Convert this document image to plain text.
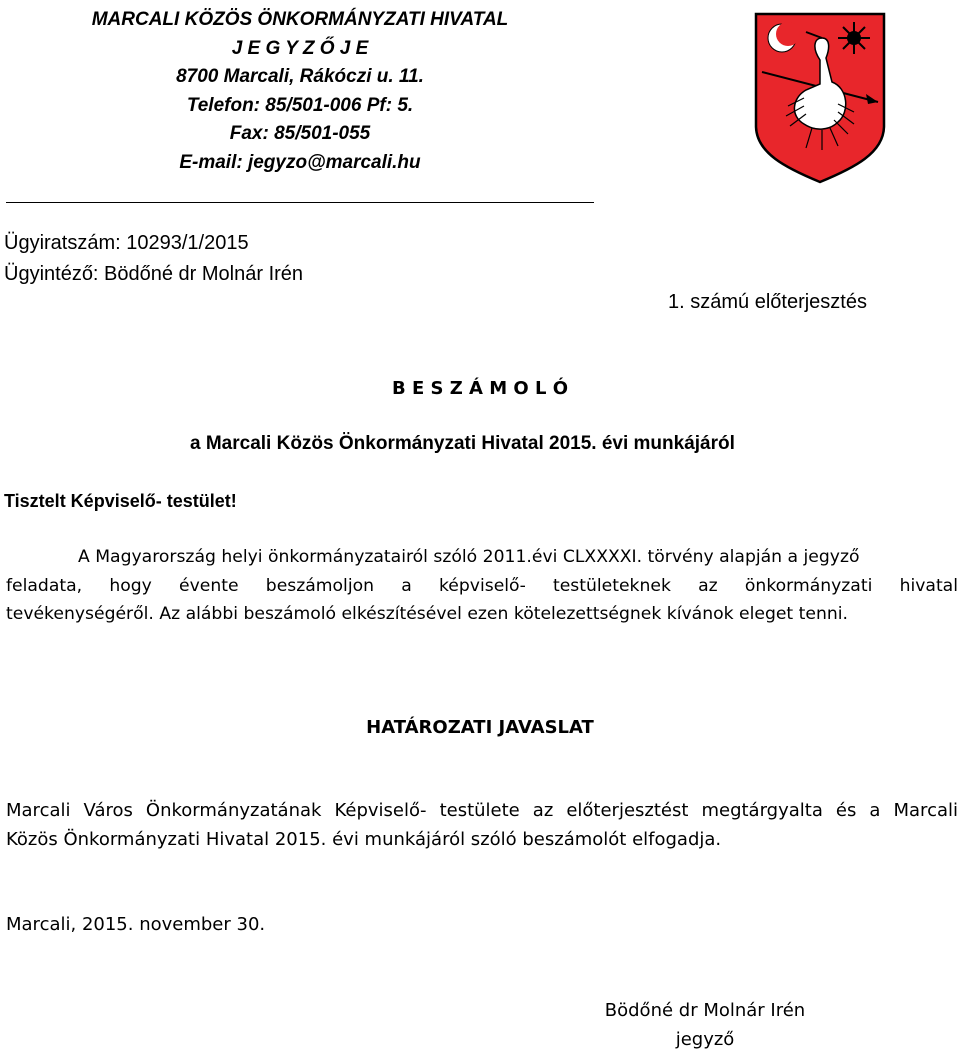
MARCALI KÖZÖS ÖNKORMÁNYZATI HIVATAL
J E G Y Z Ő J E
8700 Marcali, Rákóczi u. 11.
Telefon: 85/501-006 Pf: 5.
Fax: 85/501-055
E-mail: jegyzo@marcali.hu
Ügyiratszám: 10293/1/2015
Ügyintéző: Bödőné dr Molnár Irén
1. számú előterjesztés
B E S Z Á M O L Ó
a Marcali Közös Önkormányzati Hivatal 2015. évi munkájáról
Tisztelt Képviselő- testület!
A Magyarország helyi önkormányzatairól szóló 2011.évi CLXXXXI. törvény alapján a jegyző
feladata, hogy évente beszámoljon a képviselő- testületeknek az önkormányzati hivatal
tevékenységéről. Az alábbi beszámoló elkészítésével ezen kötelezettségnek kívánok eleget tenni.
HATÁROZATI JAVASLAT
Marcali Város Önkormányzatának Képviselő- testülete az előterjesztést megtárgyalta és a Marcali
Közös Önkormányzati Hivatal 2015. évi munkájáról szóló beszámolót elfogadja.
Marcali, 2015. november 30.
Bödőné dr Molnár Irén
jegyző
